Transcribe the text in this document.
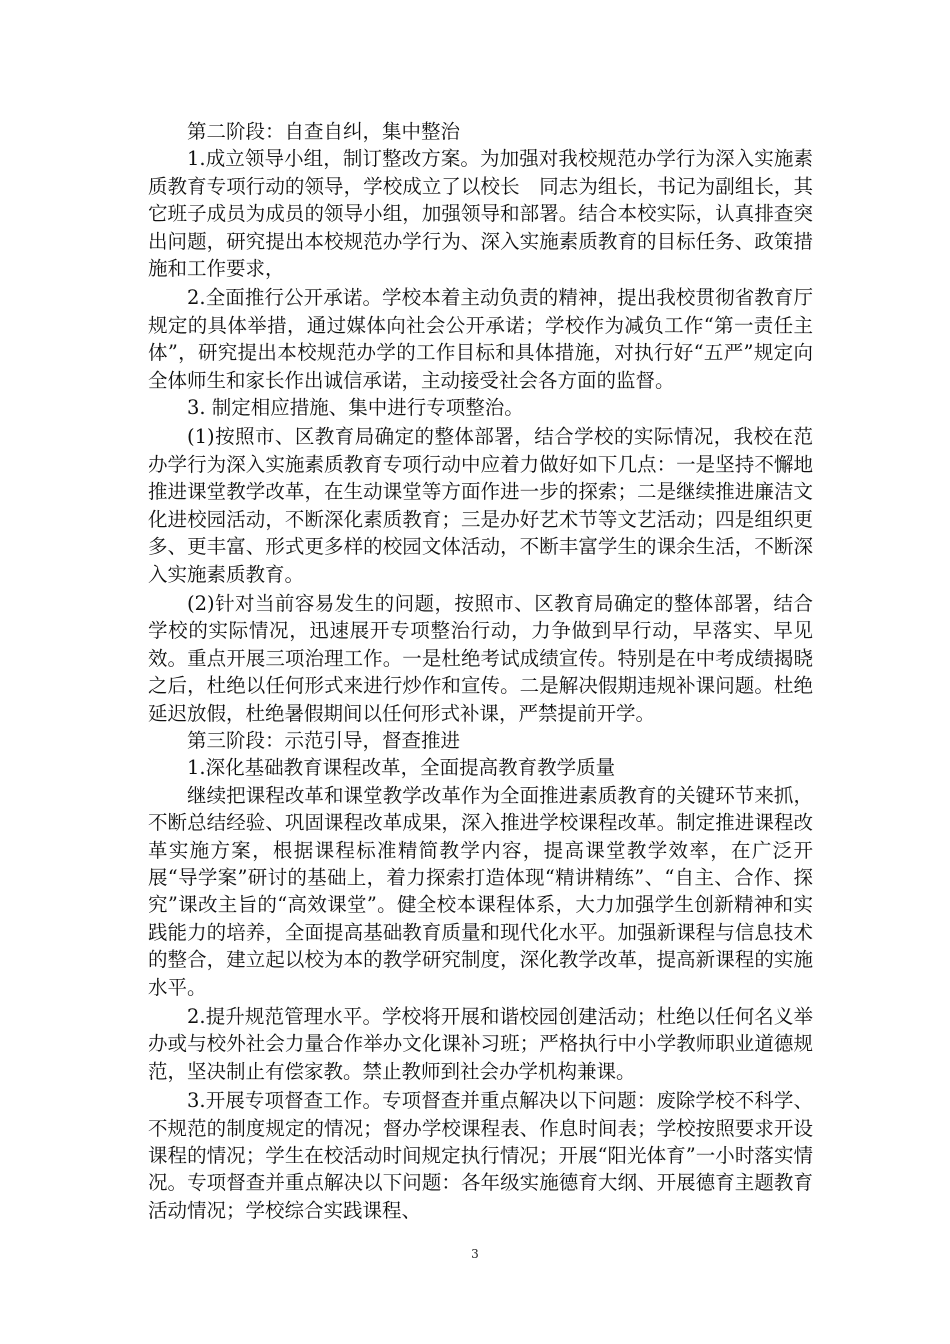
第二阶段：自查自纠，集中整治

1.成立领导小组，制订整改方案。为加强对我校规范办学行为深入实施素质教育专项行动的领导，学校成立了以校长　同志为组长，书记为副组长，其它班子成员为成员的领导小组，加强领导和部署。结合本校实际，认真排查突出问题，研究提出本校规范办学行为、深入实施素质教育的目标任务、政策措施和工作要求，

2.全面推行公开承诺。学校本着主动负责的精神，提出我校贯彻省教育厅规定的具体举措，通过媒体向社会公开承诺；学校作为减负工作“第一责任主体”，研究提出本校规范办学的工作目标和具体措施，对执行好“五严”规定向全体师生和家长作出诚信承诺，主动接受社会各方面的监督。

3. 制定相应措施、集中进行专项整治。

(1)按照市、区教育局确定的整体部署，结合学校的实际情况，我校在范办学行为深入实施素质教育专项行动中应着力做好如下几点：一是坚持不懈地推进课堂教学改革，在生动课堂等方面作进一步的探索；二是继续推进廉洁文化进校园活动，不断深化素质教育；三是办好艺术节等文艺活动；四是组织更多、更丰富、形式更多样的校园文体活动，不断丰富学生的课余生活，不断深入实施素质教育。

(2)针对当前容易发生的问题，按照市、区教育局确定的整体部署，结合学校的实际情况，迅速展开专项整治行动，力争做到早行动，早落实、早见效。重点开展三项治理工作。一是杜绝考试成绩宣传。特别是在中考成绩揭晓之后，杜绝以任何形式来进行炒作和宣传。二是解决假期违规补课问题。杜绝延迟放假，杜绝暑假期间以任何形式补课，严禁提前开学。

第三阶段：示范引导，督查推进

1.深化基础教育课程改革，全面提高教育教学质量

继续把课程改革和课堂教学改革作为全面推进素质教育的关键环节来抓，不断总结经验、巩固课程改革成果，深入推进学校课程改革。制定推进课程改革实施方案，根据课程标准精简教学内容，提高课堂教学效率，在广泛开展“导学案”研讨的基础上，着力探索打造体现“精讲精练”、“自主、合作、探究”课改主旨的“高效课堂”。健全校本课程体系，大力加强学生创新精神和实践能力的培养，全面提高基础教育质量和现代化水平。加强新课程与信息技术的整合，建立起以校为本的教学研究制度，深化教学改革，提高新课程的实施水平。

2.提升规范管理水平。学校将开展和谐校园创建活动；杜绝以任何名义举办或与校外社会力量合作举办文化课补习班；严格执行中小学教师职业道德规范，坚决制止有偿家教。禁止教师到社会办学机构兼课。

3.开展专项督查工作。专项督查并重点解决以下问题：废除学校不科学、不规范的制度规定的情况；督办学校课程表、作息时间表；学校按照要求开设课程的情况；学生在校活动时间规定执行情况；开展“阳光体育”一小时落实情况。专项督查并重点解决以下问题：各年级实施德育大纲、开展德育主题教育活动情况；学校综合实践课程、

3
